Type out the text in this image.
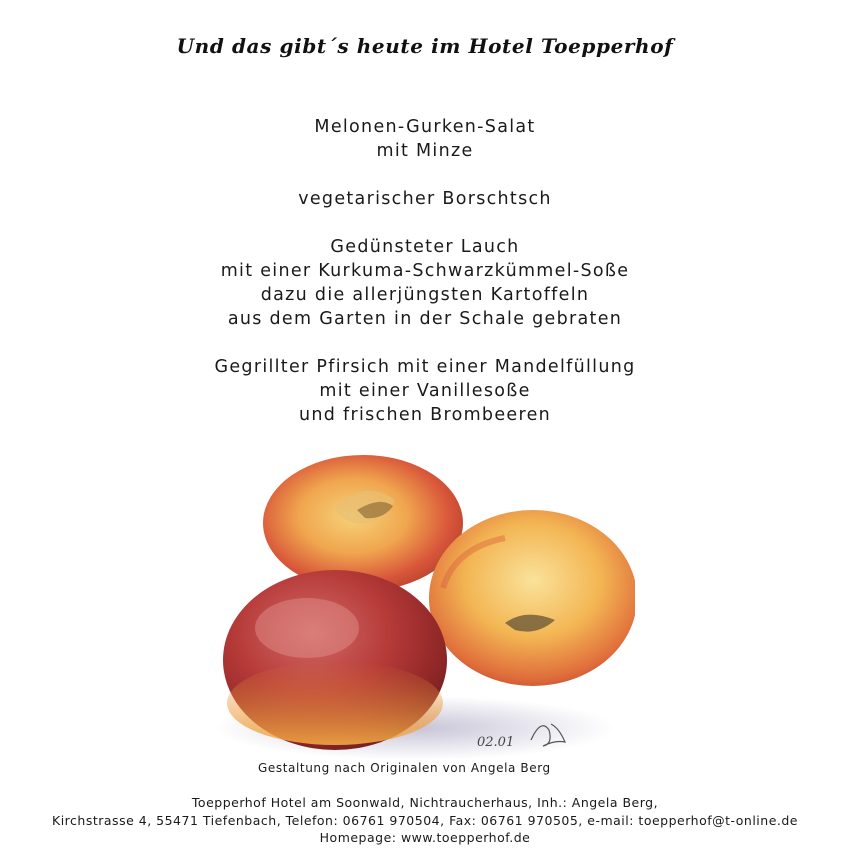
Und das gibt´s heute im Hotel Toepperhof
Melonen-Gurken-Salat
mit Minze
vegetarischer Borschtsch
Gedünsteter Lauch
mit einer Kurkuma-Schwarzkümmel-Soße
dazu die allerjüngsten Kartoffeln
aus dem Garten in der Schale gebraten
Gegrillter Pfirsich mit einer Mandelfüllung
mit einer Vanillesoße
und frischen Brombeeren
02.01
Gestaltung nach Originalen von Angela Berg
Toepperhof Hotel am Soonwald, Nichtraucherhaus, Inh.: Angela Berg,
Kirchstrasse 4, 55471 Tiefenbach, Telefon: 06761 970504, Fax: 06761 970505, e-mail: toepperhof@t-online.de
Homepage: www.toepperhof.de
